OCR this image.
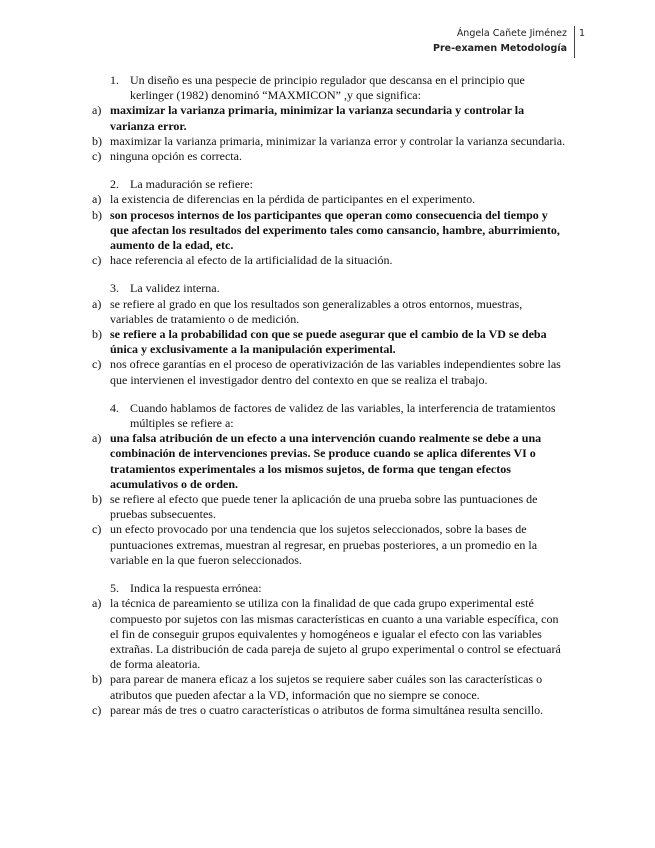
Ángela Cañete Jiménez
Pre-examen Metodología
1
1. Un diseño es una pespecie de principio regulador que descansa en el principio que kerlinger (1982) denominó “MAXMICON” ,y que significa:
a) maximizar la varianza primaria, minimizar la varianza secundaria y controlar la varianza error.
b) maximizar la varianza primaria, minimizar la varianza error y controlar la varianza secundaria.
c) ninguna opción es correcta.
2. La maduración se refiere:
a) la existencia de diferencias en la pérdida de participantes en el experimento.
b) son procesos internos de los participantes que operan como consecuencia del tiempo y que afectan los resultados del experimento tales como cansancio, hambre, aburrimiento, aumento de la edad, etc.
c) hace referencia al efecto de la artificialidad de la situación.
3. La validez interna.
a) se refiere al grado en que los resultados son generalizables a otros entornos, muestras, variables de tratamiento o de medición.
b) se refiere a la probabilidad con que se puede asegurar que el cambio de la VD se deba única y exclusivamente a la manipulación experimental.
c) nos ofrece garantías en el proceso de operativización de las variables independientes sobre las que intervienen el investigador dentro del contexto en que se realiza el trabajo.
4. Cuando hablamos de factores de validez de las variables, la interferencia de tratamientos múltiples se refiere a:
a) una falsa atribución de un efecto a una intervención cuando realmente se debe a una combinación de intervenciones previas. Se produce cuando se aplica diferentes VI o tratamientos experimentales a los mismos sujetos, de forma que tengan efectos acumulativos o de orden.
b) se refiere al efecto que puede tener la aplicación de una prueba sobre las puntuaciones de pruebas subsecuentes.
c) un efecto provocado por una tendencia que los sujetos seleccionados, sobre la bases de puntuaciones extremas, muestran al regresar, en pruebas posteriores, a un promedio en la variable en la que fueron seleccionados.
5. Indica la respuesta errónea:
a) la técnica de pareamiento se utiliza con la finalidad de que cada grupo experimental esté compuesto por sujetos con las mismas características en cuanto a una variable específica, con el fin de conseguir grupos equivalentes y homogéneos e igualar el efecto con las variables extrañas. La distribución de cada pareja de sujeto al grupo experimental o control se efectuará de forma aleatoria.
b) para parear de manera eficaz a los sujetos se requiere saber cuáles son las características o atributos que pueden afectar a la VD, información que no siempre se conoce.
c) parear más de tres o cuatro características o atributos de forma simultánea resulta sencillo.
